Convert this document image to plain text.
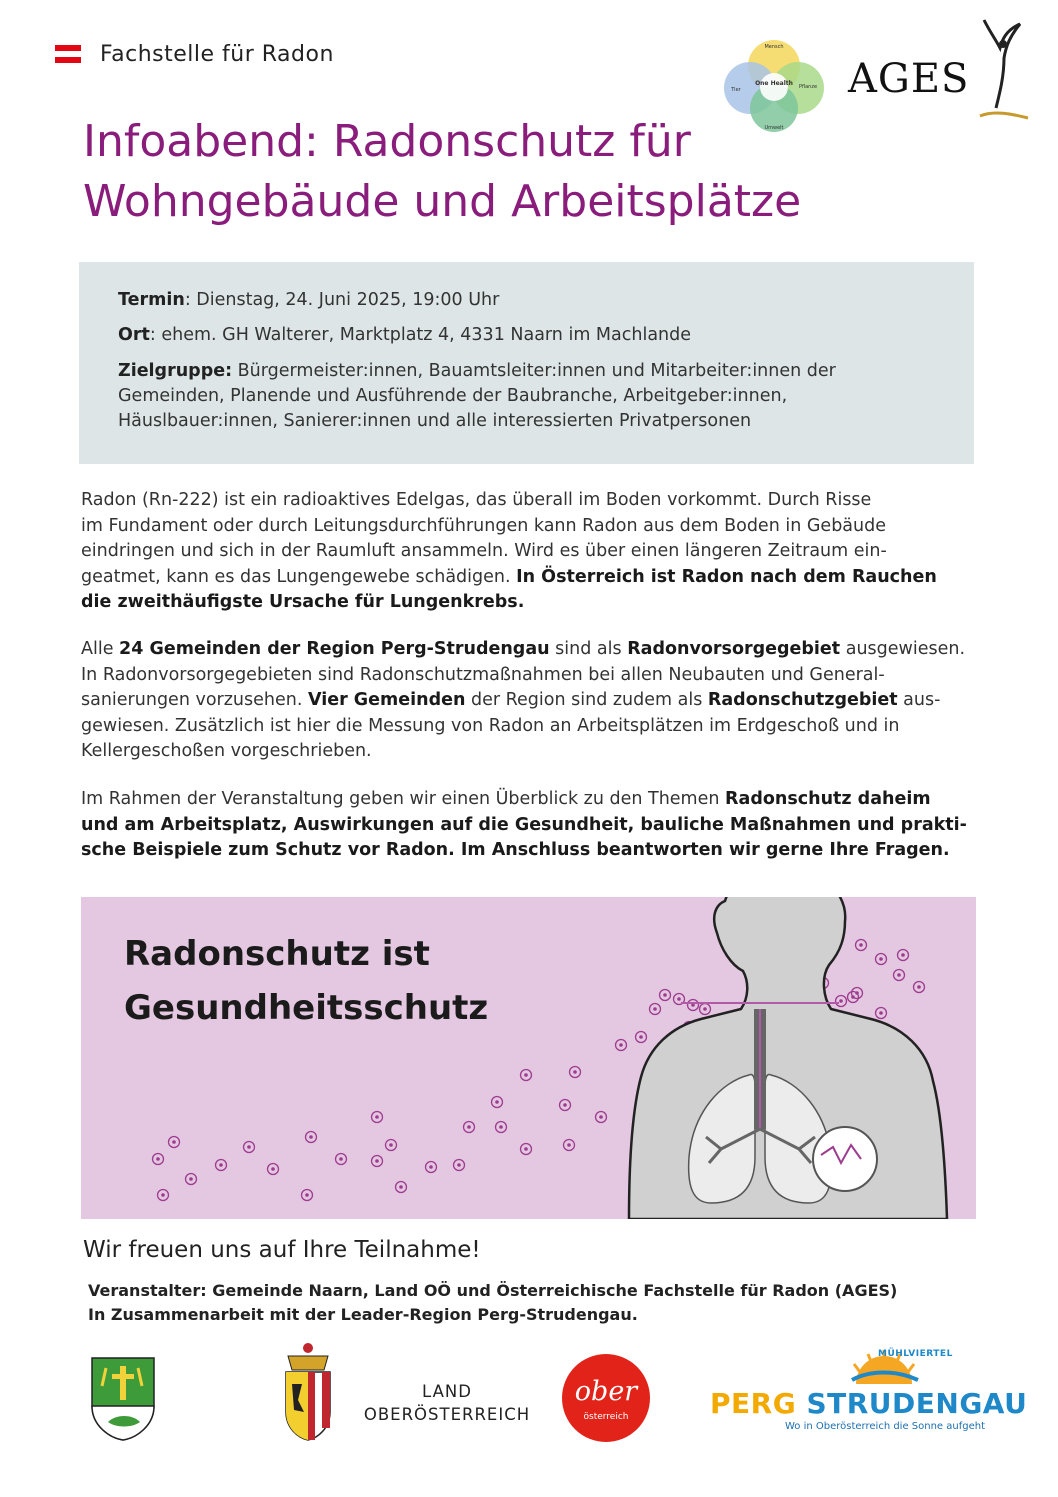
Fachstelle für Radon
One Health
Mensch
Pflanze
Umwelt
Tier	AGES
Infoabend: Radonschutz für
Wohngebäude und Arbeitsplätze
Termin: Dienstag, 24. Juni 2025, 19:00 Uhr
Ort: ehem. GH Walterer, Marktplatz 4, 4331 Naarn im Machlande
Zielgruppe: Bürgermeister:innen, Bauamtsleiter:innen und Mitarbeiter:innen der
Gemeinden, Planende und Ausführende der Baubranche, Arbeitgeber:innen,
Häuslbauer:innen, Sanierer:innen und alle interessierten Privatpersonen
Radon (Rn-222) ist ein radioaktives Edelgas, das überall im Boden vorkommt. Durch Risse
im Fundament oder durch Leitungsdurchführungen kann Radon aus dem Boden in Gebäude
eindringen und sich in der Raumluft ansammeln. Wird es über einen längeren Zeitraum ein-
geatmet, kann es das Lungengewebe schädigen. In Österreich ist Radon nach dem Rauchen
die zweithäufigste Ursache für Lungenkrebs.
Alle 24 Gemeinden der Region Perg-Strudengau sind als Radonvorsorgegebiet ausgewiesen.
In Radonvorsorgegebieten sind Radonschutzmaßnahmen bei allen Neubauten und General-
sanierungen vorzusehen. Vier Gemeinden der Region sind zudem als Radonschutzgebiet aus-
gewiesen. Zusätzlich ist hier die Messung von Radon an Arbeitsplätzen im Erdgeschoß und in
Kellergeschoßen vorgeschrieben.
Im Rahmen der Veranstaltung geben wir einen Überblick zu den Themen Radonschutz daheim
und am Arbeitsplatz, Auswirkungen auf die Gesundheit, bauliche Maßnahmen und prakti-
sche Beispiele zum Schutz vor Radon. Im Anschluss beantworten wir gerne Ihre Fragen.
Radonschutz ist
Gesundheitsschutz
Wir freuen uns auf Ihre Teilnahme!
Veranstalter: Gemeinde Naarn, Land OÖ und Österreichische Fachstelle für Radon (AGES)
In Zusammenarbeit mit der Leader-Region Perg-Strudengau.
LAND
OBERÖSTERREICH
ober
österreich
MÜHLVIERTEL
PERG STRUDENGAU
Wo in Oberösterreich die Sonne aufgeht
